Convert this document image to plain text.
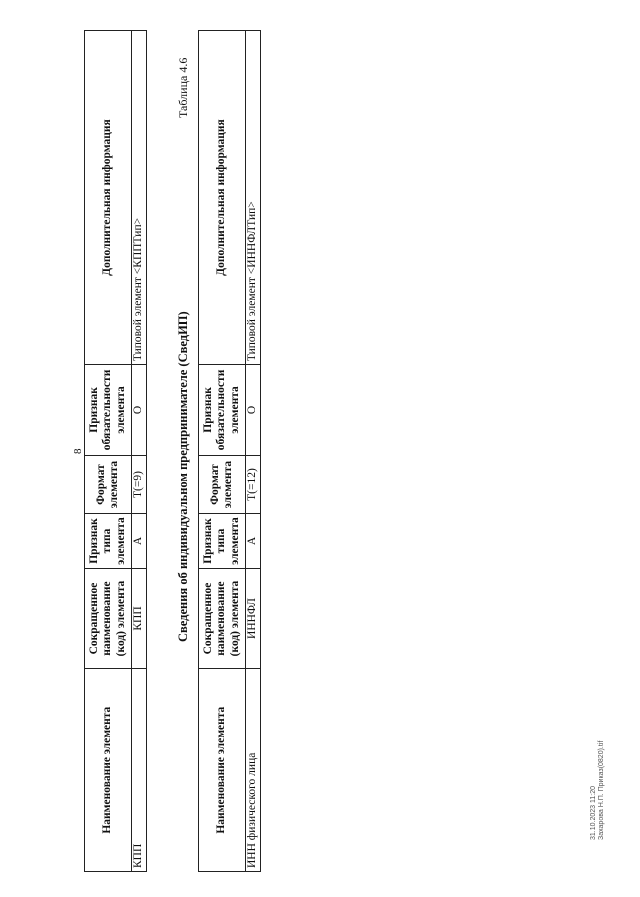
8
Наименование элемента	Сокращенное наименование (код) элемента	Признак типа элемента	Формат элемента	Признак обязательности элемента	Дополнительная информация
КПП	КПП	А	T(=9)	О	Типовой элемент <КППТип>
Сведения об индивидуальном предпринимателе (СведИП)
Таблица 4.6
Наименование элемента	Сокращенное наименование (код) элемента	Признак типа элемента	Формат элемента	Признак обязательности элемента	Дополнительная информация
ИНН физического лица	ИННФЛ	А	T(=12)	О	Типовой элемент <ИННФЛТип>
31.10.2023 11:20 Захарова Н.П. Приказ(0820).tif
